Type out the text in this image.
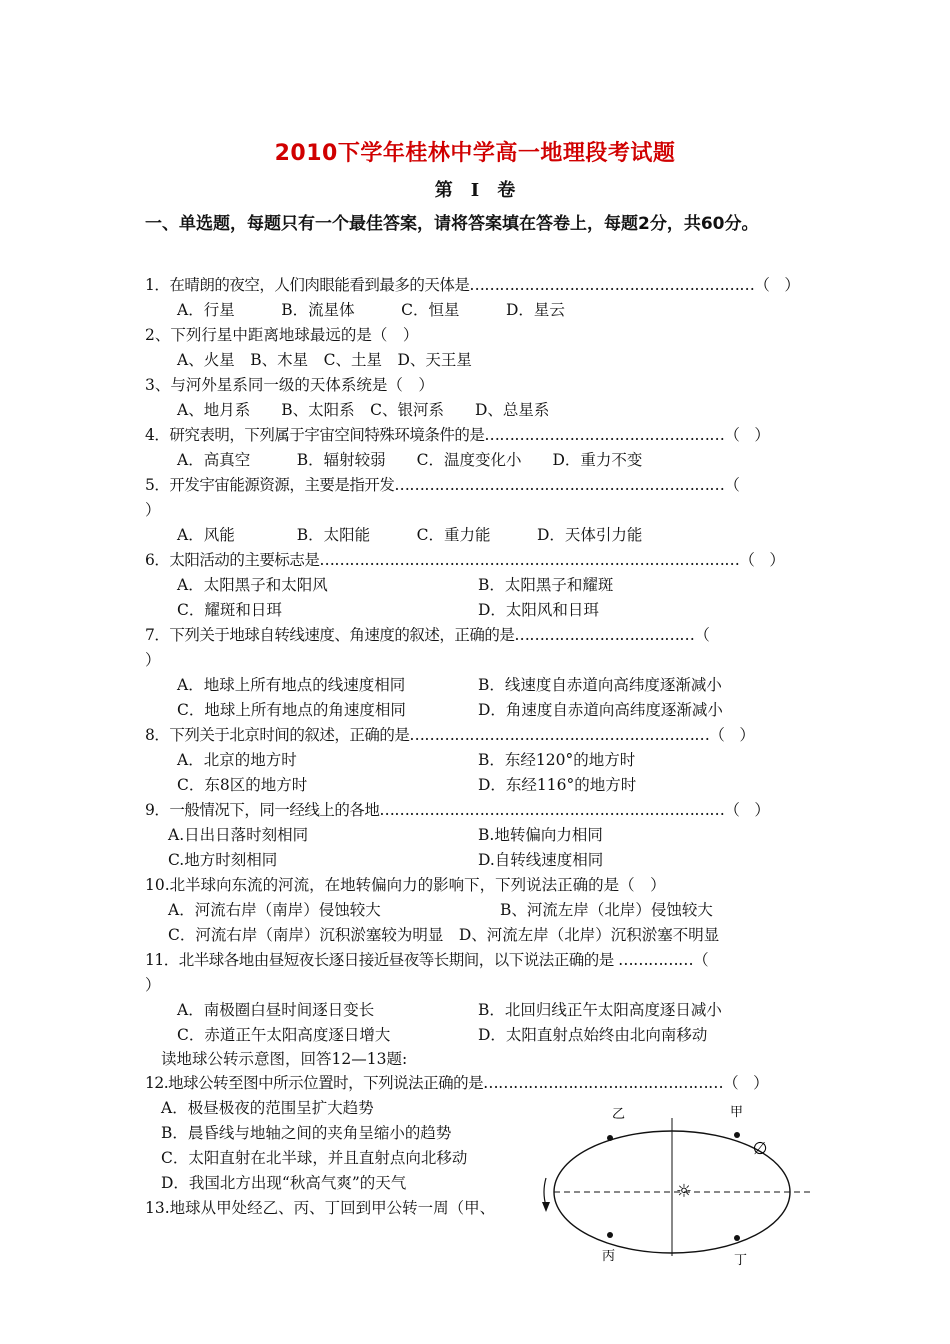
2010下学年桂林中学高一地理段考试题
第　I　卷
一、单选题，每题只有一个最佳答案，请将答案填在答卷上，每题2分，共60分。
1．在晴朗的夜空，人们肉眼能看到最多的天体是…………………………………………………（　）
A．行星　　　B．流星体　　　C．恒星　　　D．星云
2、下列行星中距离地球最远的是（　）
A、火星　B、木星　C、土星　D、天王星
3、与河外星系同一级的天体系统是（　）
A、地月系　　B、太阳系　C、银河系　　D、总星系
4．研究表明，下列属于宇宙空间特殊环境条件的是…………………………………………（　）
A．高真空　　　B．辐射较弱　　C．温度变化小　　D．重力不变
5．开发宇宙能源资源，主要是指开发…………………………………………………………（
）
A．风能　　　　B．太阳能　　　C．重力能　　　D．天体引力能
6．太阳活动的主要标志是…………………………………………………………………………（　）
A．太阳黑子和太阳风	B．太阳黑子和耀斑
C．耀斑和日珥	D．太阳风和日珥
7．下列关于地球自转线速度、角速度的叙述，正确的是………………………………（
）
A．地球上所有地点的线速度相同	B．线速度自赤道向高纬度逐渐减小
C．地球上所有地点的角速度相同	D．角速度自赤道向高纬度逐渐减小
8．下列关于北京时间的叙述，正确的是……………………………………………………（　）
A．北京的地方时	B．东经120°的地方时
C．东8区的地方时	D．东经116°的地方时
9．一般情况下，同一经线上的各地……………………………………………………………（　）
A.日出日落时刻相同	B.地转偏向力相同
C.地方时刻相同	D.自转线速度相同
10.北半球向东流的河流，在地转偏向力的影响下，下列说法正确的是（　）
A．河流右岸（南岸）侵蚀较大	B、河流左岸（北岸）侵蚀较大
C．河流右岸（南岸）沉积淤塞较为明显　D、河流左岸（北岸）沉积淤塞不明显
11．北半球各地由昼短夜长逐日接近昼夜等长期间，以下说法正确的是 ……………（
）
A．南极圈白昼时间逐日变长	B．北回归线正午太阳高度逐日减小
C．赤道正午太阳高度逐日增大	D．太阳直射点始终由北向南移动
读地球公转示意图，回答12—13题:
12.地球公转至图中所示位置时，下列说法正确的是…………………………………………（　）
A．极昼极夜的范围呈扩大趋势
B．晨昏线与地轴之间的夹角呈缩小的趋势
C．太阳直射在北半球，并且直射点向北移动
D．我国北方出现“秋高气爽”的天气
13.地球从甲处经乙、丙、丁回到甲公转一周（甲、
乙	甲
丙	丁
☼
∅
